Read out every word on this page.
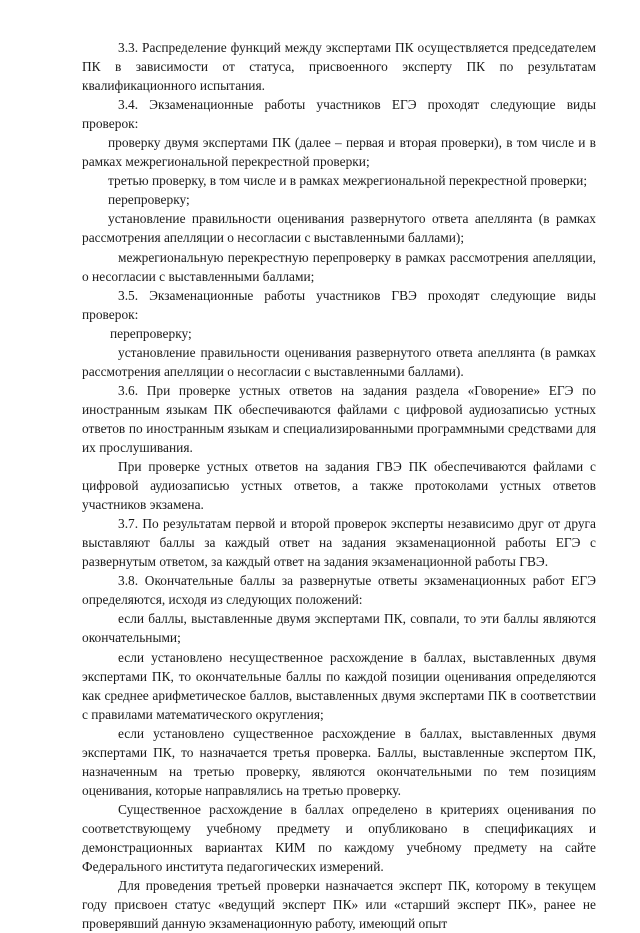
3.3. Распределение функций между экспертами ПК осуществляется председателем ПК в зависимости от статуса, присвоенного эксперту ПК по результатам квалификационного испытания.

3.4. Экзаменационные работы участников ЕГЭ проходят следующие виды проверок:

проверку двумя экспертами ПК (далее – первая и вторая проверки), в том числе и в рамках межрегиональной перекрестной проверки;

третью проверку, в том числе и в рамках межрегиональной перекрестной проверки;

перепроверку;

установление правильности оценивания развернутого ответа апеллянта (в рамках рассмотрения апелляции о несогласии с выставленными баллами);

межрегиональную перекрестную перепроверку в рамках рассмотрения апелляции, о несогласии с выставленными баллами;

3.5. Экзаменационные работы участников ГВЭ проходят следующие виды проверок:

перепроверку;

установление правильности оценивания развернутого ответа апеллянта (в рамках рассмотрения апелляции о несогласии с выставленными баллами).

3.6. При проверке устных ответов на задания раздела «Говорение» ЕГЭ по иностранным языкам ПК обеспечиваются файлами с цифровой аудиозаписью устных ответов по иностранным языкам и специализированными программными средствами для их прослушивания.

При проверке устных ответов на задания ГВЭ ПК обеспечиваются файлами с цифровой аудиозаписью устных ответов, а также протоколами устных ответов участников экзамена.

3.7. По результатам первой и второй проверок эксперты независимо друг от друга выставляют баллы за каждый ответ на задания экзаменационной работы ЕГЭ с развернутым ответом, за каждый ответ на задания экзаменационной работы ГВЭ.

3.8. Окончательные баллы за развернутые ответы экзаменационных работ ЕГЭ определяются, исходя из следующих положений:

если баллы, выставленные двумя экспертами ПК, совпали, то эти баллы являются окончательными;

если установлено несущественное расхождение в баллах, выставленных двумя экспертами ПК, то окончательные баллы по каждой позиции оценивания определяются как среднее арифметическое баллов, выставленных двумя экспертами ПК в соответствии с правилами математического округления;

если установлено существенное расхождение в баллах, выставленных двумя экспертами ПК, то назначается третья проверка. Баллы, выставленные экспертом ПК, назначенным на третью проверку, являются окончательными по тем позициям оценивания, которые направлялись на третью проверку.

Существенное расхождение в баллах определено в критериях оценивания по соответствующему учебному предмету и опубликовано в спецификациях и демонстрационных вариантах КИМ по каждому учебному предмету на сайте Федерального института педагогических измерений.

Для проведения третьей проверки назначается эксперт ПК, которому в текущем году присвоен статус «ведущий эксперт ПК» или «старший эксперт ПК», ранее не проверявший данную экзаменационную работу, имеющий опыт
